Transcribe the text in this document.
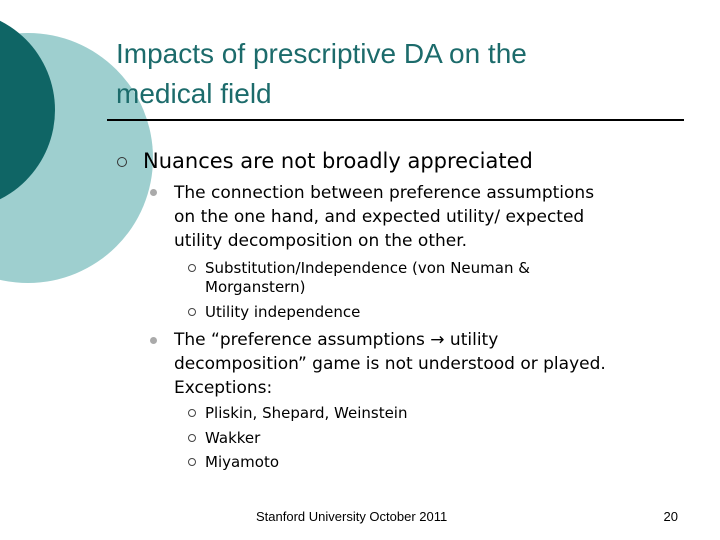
Impacts of prescriptive DA on the
medical field
Nuances are not broadly appreciated
The connection between preference assumptions
on the one hand, and expected utility/ expected
utility decomposition on the other.
Substitution/Independence (von Neuman &
Morganstern)
Utility independence
The “preference assumptions → utility
decomposition” game is not understood or played.
Exceptions:
Pliskin, Shepard, Weinstein
Wakker
Miyamoto
Stanford University October 2011	20
